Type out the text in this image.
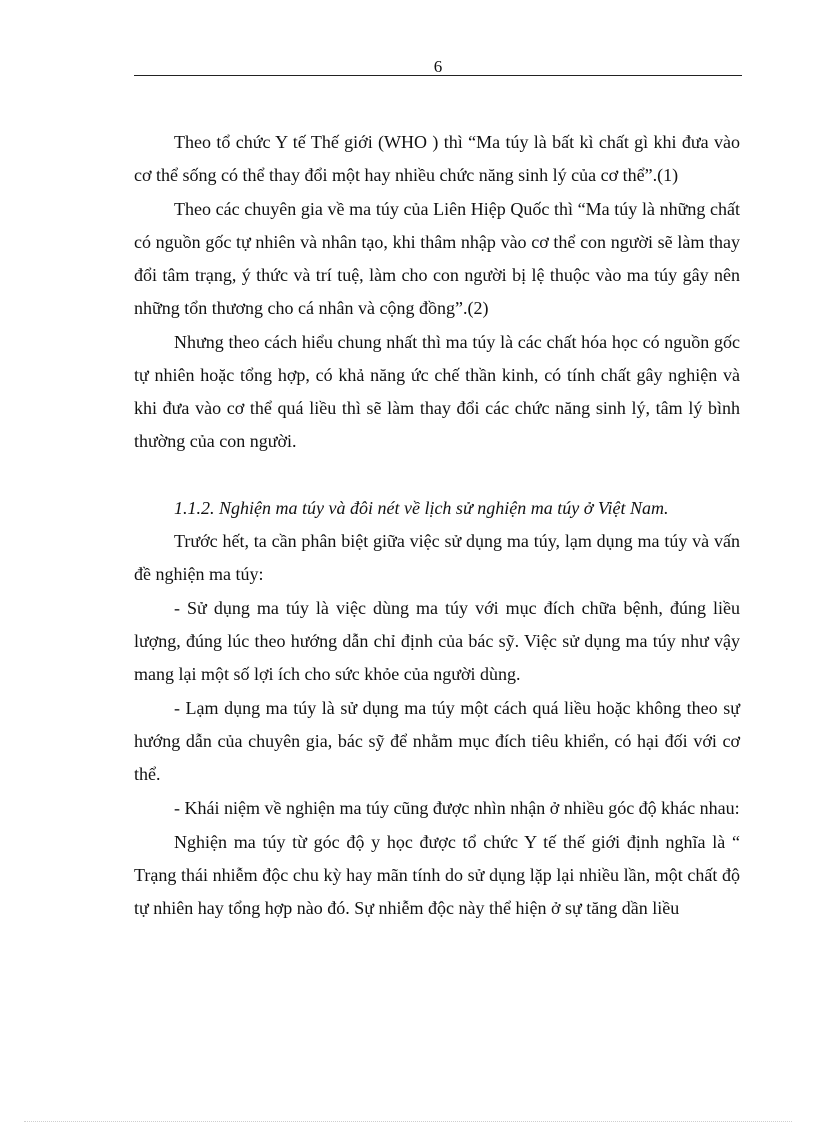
6

Theo tổ chức Y tế Thế giới (WHO ) thì “Ma túy là bất kì chất gì khi đưa vào cơ thể sống có thể thay đổi một hay nhiều chức năng sinh lý của cơ thể”.(1)

Theo các chuyên gia về ma túy của Liên Hiệp Quốc thì “Ma túy là những chất có nguồn gốc tự nhiên và nhân tạo, khi thâm nhập vào cơ thể con người sẽ làm thay đổi tâm trạng, ý thức và trí tuệ, làm cho con người bị lệ thuộc vào ma túy gây nên những tổn thương cho cá nhân và cộng đồng”.(2)

Nhưng theo cách hiểu chung nhất thì ma túy là các chất hóa học có nguồn gốc tự nhiên hoặc tổng hợp, có khả năng ức chế thần kinh, có tính chất gây nghiện và khi đưa vào cơ thể quá liều thì sẽ làm thay đổi các chức năng sinh lý, tâm lý bình thường của con người.

1.1.2. Nghiện ma túy và đôi nét về lịch sử nghiện ma túy ở Việt Nam.

Trước hết, ta cần phân biệt giữa việc sử dụng ma túy, lạm dụng ma túy và vấn đề nghiện ma túy:

- Sử dụng ma túy là việc dùng ma túy với mục đích chữa bệnh, đúng liều lượng, đúng lúc theo hướng dẫn chỉ định của bác sỹ. Việc sử dụng ma túy như vậy mang lại một số lợi ích cho sức khỏe của người dùng.

- Lạm dụng ma túy là sử dụng ma túy một cách quá liều hoặc không theo sự hướng dẫn của chuyên gia, bác sỹ để nhằm mục đích tiêu khiển, có hại đối với cơ thể.

- Khái niệm về nghiện ma túy cũng được nhìn nhận ở nhiều góc độ khác nhau:

Nghiện ma túy từ góc độ y học được tổ chức Y tế thế giới định nghĩa là “ Trạng thái nhiễm độc chu kỳ hay mãn tính do sử dụng lặp lại nhiều lần, một chất độ tự nhiên hay tổng hợp nào đó. Sự nhiễm độc này thể hiện ở sự tăng dần liều
